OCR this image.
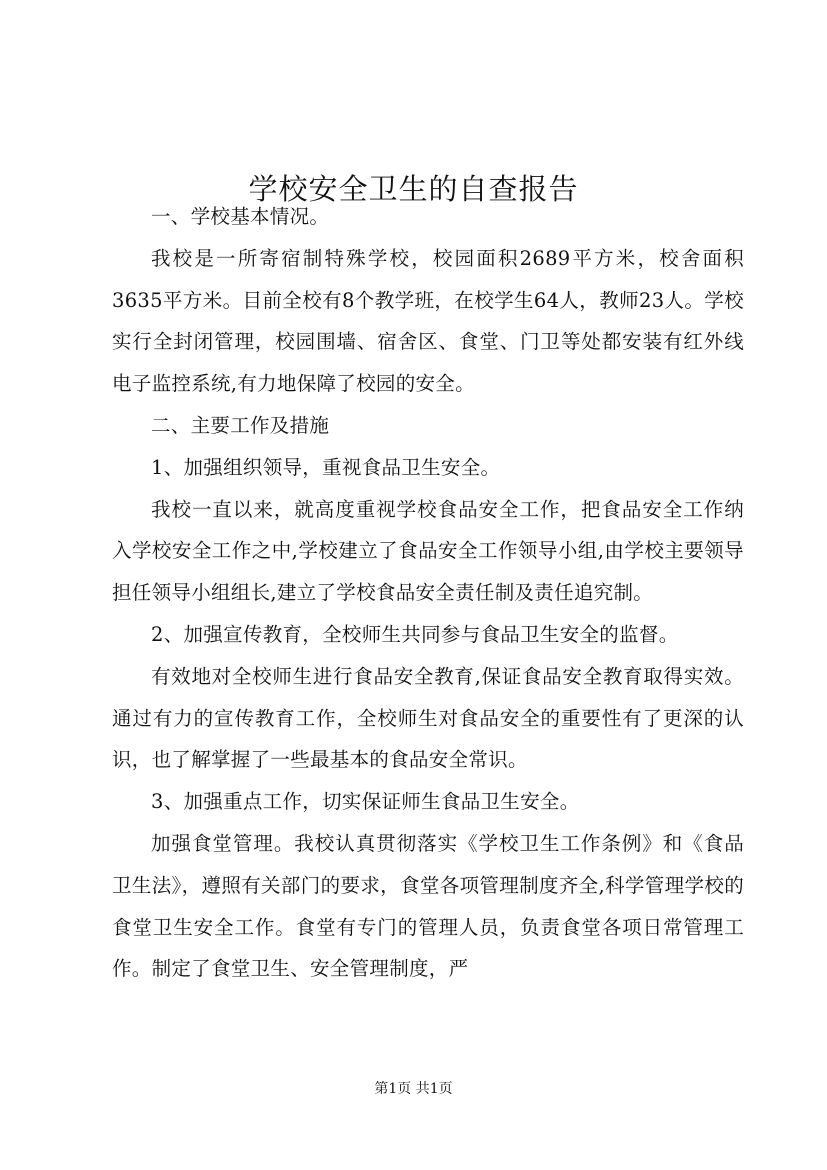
学校安全卫生的自查报告

一、学校基本情况。

我校是一所寄宿制特殊学校，校园面积2689平方米，校舍面积3635平方米。目前全校有8个教学班，在校学生64人，教师23人。学校实行全封闭管理，校园围墙、宿舍区、食堂、门卫等处都安装有红外线电子监控系统,有力地保障了校园的安全。

二、主要工作及措施

1、加强组织领导，重视食品卫生安全。

我校一直以来，就高度重视学校食品安全工作，把食品安全工作纳入学校安全工作之中,学校建立了食品安全工作领导小组,由学校主要领导担任领导小组组长,建立了学校食品安全责任制及责任追究制。

2、加强宣传教育，全校师生共同参与食品卫生安全的监督。

有效地对全校师生进行食品安全教育,保证食品安全教育取得实效。通过有力的宣传教育工作，全校师生对食品安全的重要性有了更深的认识，也了解掌握了一些最基本的食品安全常识。

3、加强重点工作，切实保证师生食品卫生安全。

加强食堂管理。我校认真贯彻落实《学校卫生工作条例》和《食品卫生法》，遵照有关部门的要求，食堂各项管理制度齐全,科学管理学校的食堂卫生安全工作。食堂有专门的管理人员，负责食堂各项日常管理工作。制定了食堂卫生、安全管理制度，严

第1页 共1页
